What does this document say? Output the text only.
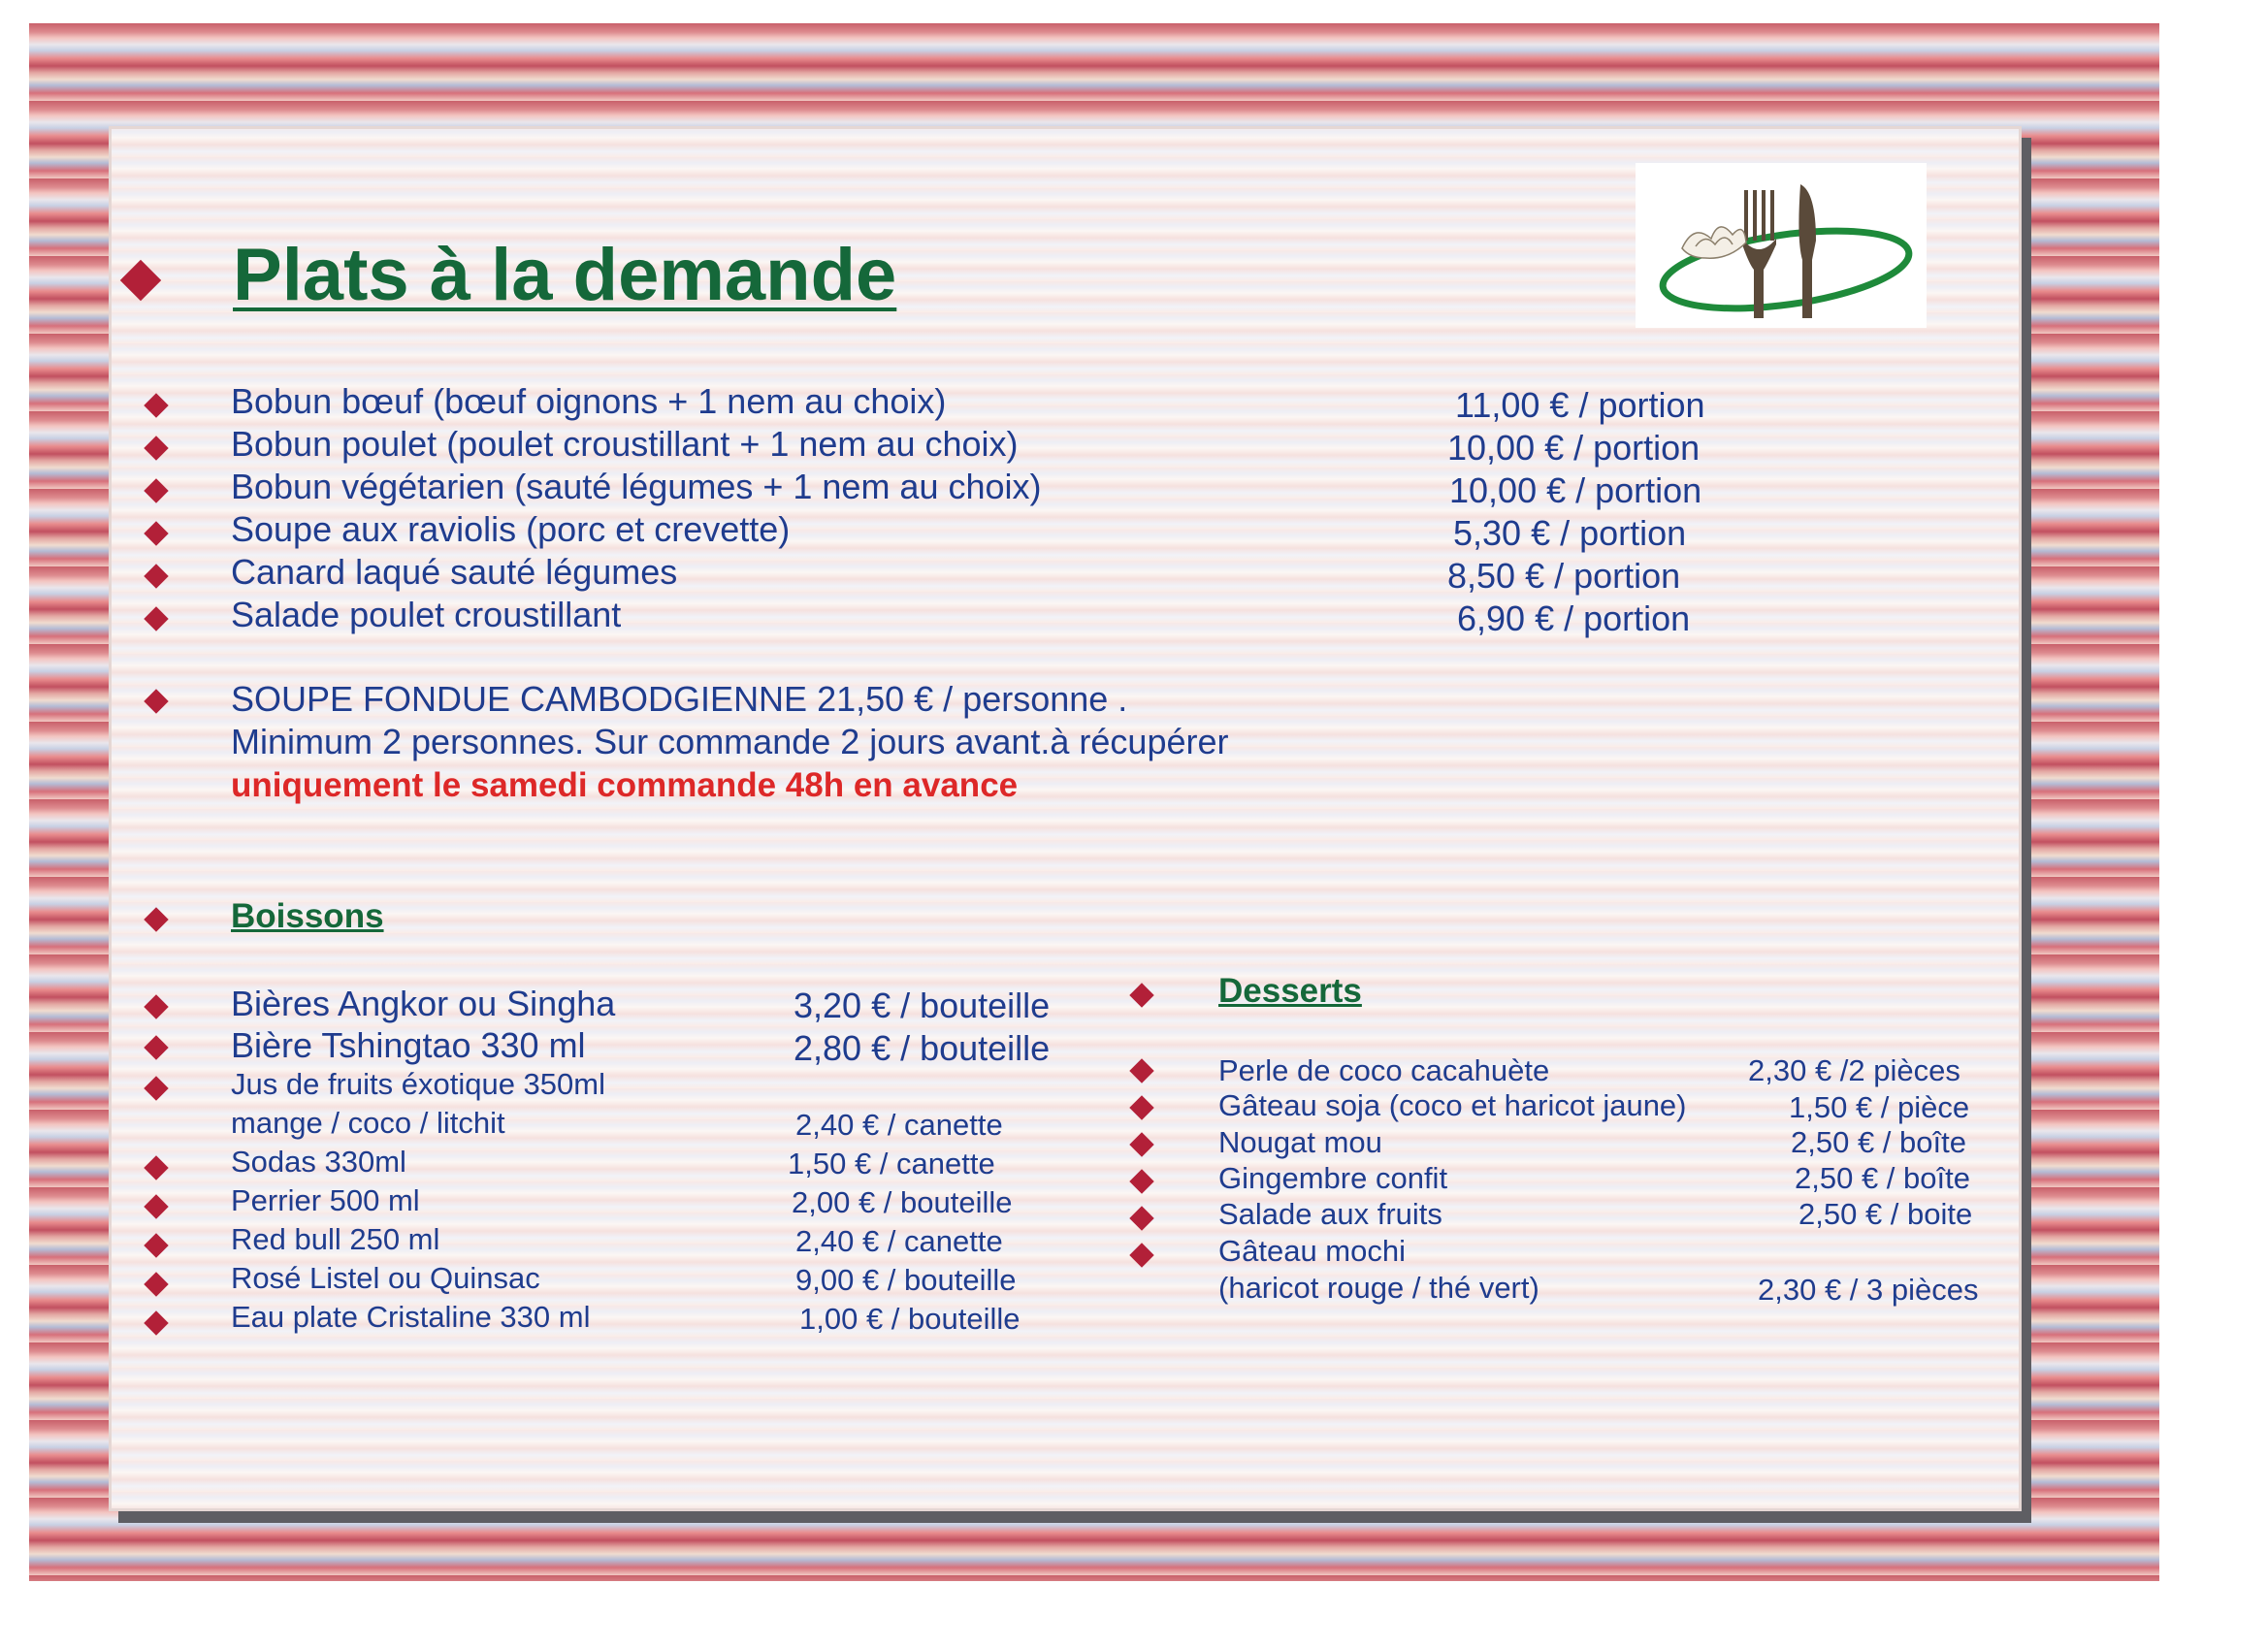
Plats à la demande
Bobun bœuf (bœuf oignons + 1 nem au choix)	11,00 € / portion
Bobun poulet (poulet croustillant + 1 nem au choix)	10,00 € / portion
Bobun végétarien (sauté légumes + 1 nem au choix)	10,00 € / portion
Soupe aux raviolis (porc et crevette)	5,30 € / portion
Canard laqué sauté légumes	8,50 € / portion
Salade poulet croustillant	6,90 € / portion
SOUPE FONDUE CAMBODGIENNE 21,50 € / personne .
Minimum 2 personnes. Sur commande 2 jours avant.à récupérer
uniquement le samedi commande 48h en avance
Boissons
Bières Angkor ou Singha	3,20 € / bouteille
Bière Tshingtao 330 ml	2,80 € / bouteille
Jus de fruits éxotique 350ml
mange / coco / litchit	2,40 € / canette
Sodas 330ml	1,50 € / canette
Perrier 500 ml	2,00 € / bouteille
Red bull 250 ml	2,40 € / canette
Rosé Listel ou Quinsac	9,00 € / bouteille
Eau plate Cristaline 330 ml	1,00 € / bouteille
Desserts
Perle de coco cacahuète	2,30 € /2 pièces
Gâteau soja (coco et haricot jaune)	1,50 € / pièce
Nougat mou	2,50 € / boîte
Gingembre confit	2,50 € / boîte
Salade aux fruits	2,50 € / boite
Gâteau mochi
(haricot rouge / thé vert)	2,30 € / 3 pièces
